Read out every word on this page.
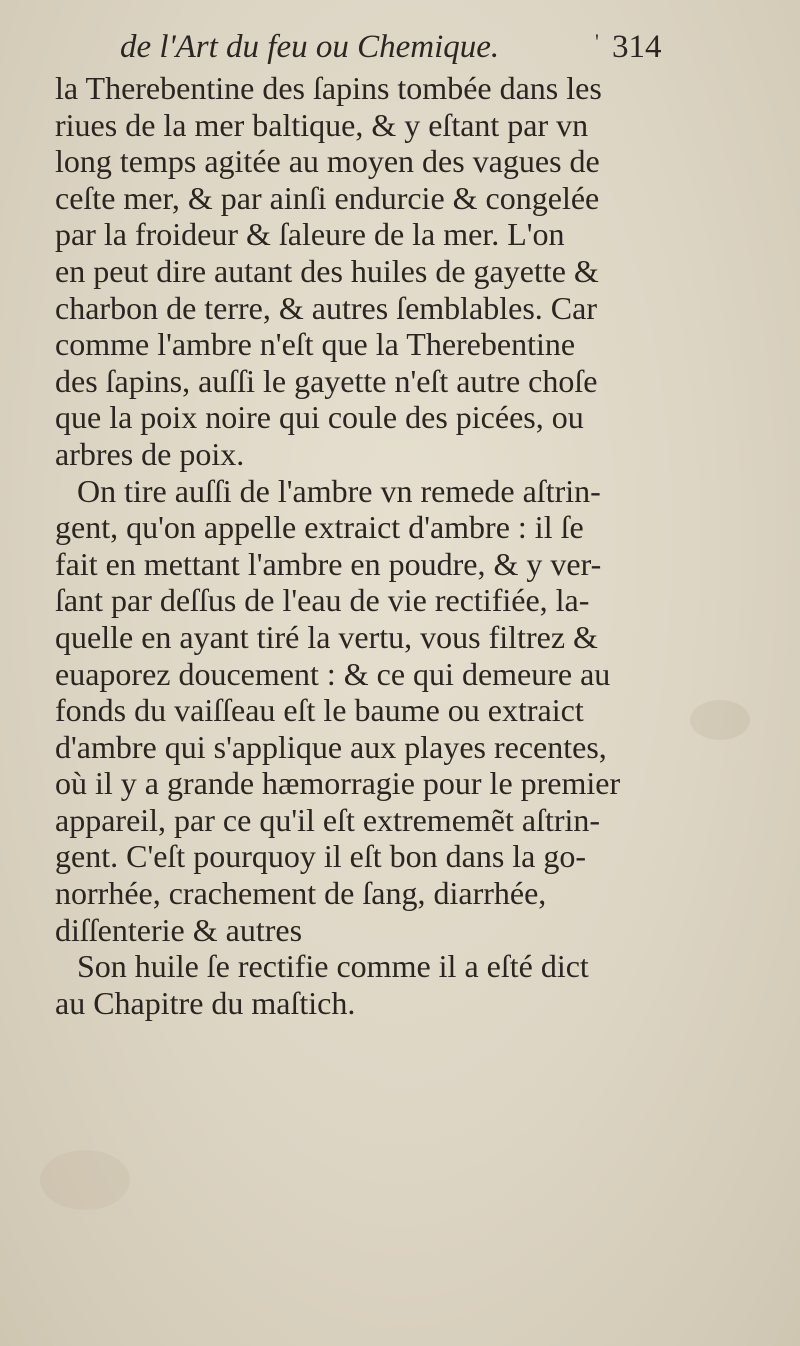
de l'Art du feu ou Chemique.	' 314
la Therebentine des ſapins tombée dans les
riues de la mer baltique, & y eſtant par vn
long temps agitée au moyen des vagues de
ceſte mer, & par ainſi endurcie & congelée
par la froideur & ſaleure de la mer. L'on
en peut dire autant des huiles de gayette &
charbon de terre, & autres ſemblables. Car
comme l'ambre n'eſt que la Therebentine
des ſapins, auſſi le gayette n'eſt autre choſe
que la poix noire qui coule des picées, ou
arbres de poix.
On tire auſſi de l'ambre vn remede aſtrin-
gent, qu'on appelle extraict d'ambre : il ſe
fait en mettant l'ambre en poudre, & y ver-
ſant par deſſus de l'eau de vie rectifiée, la-
quelle en ayant tiré la vertu, vous filtrez &
euaporez doucement : & ce qui demeure au
fonds du vaiſſeau eſt le baume ou extraict
d'ambre qui s'applique aux playes recentes,
où il y a grande hæmorragie pour le premier
appareil, par ce qu'il eſt extrememẽt aſtrin-
gent. C'eſt pourquoy il eſt bon dans la go-
norrhée, crachement de ſang, diarrhée,
diſſenterie & autres
Son huile ſe rectifie comme il a eſté dict
au Chapitre du maſtich.
